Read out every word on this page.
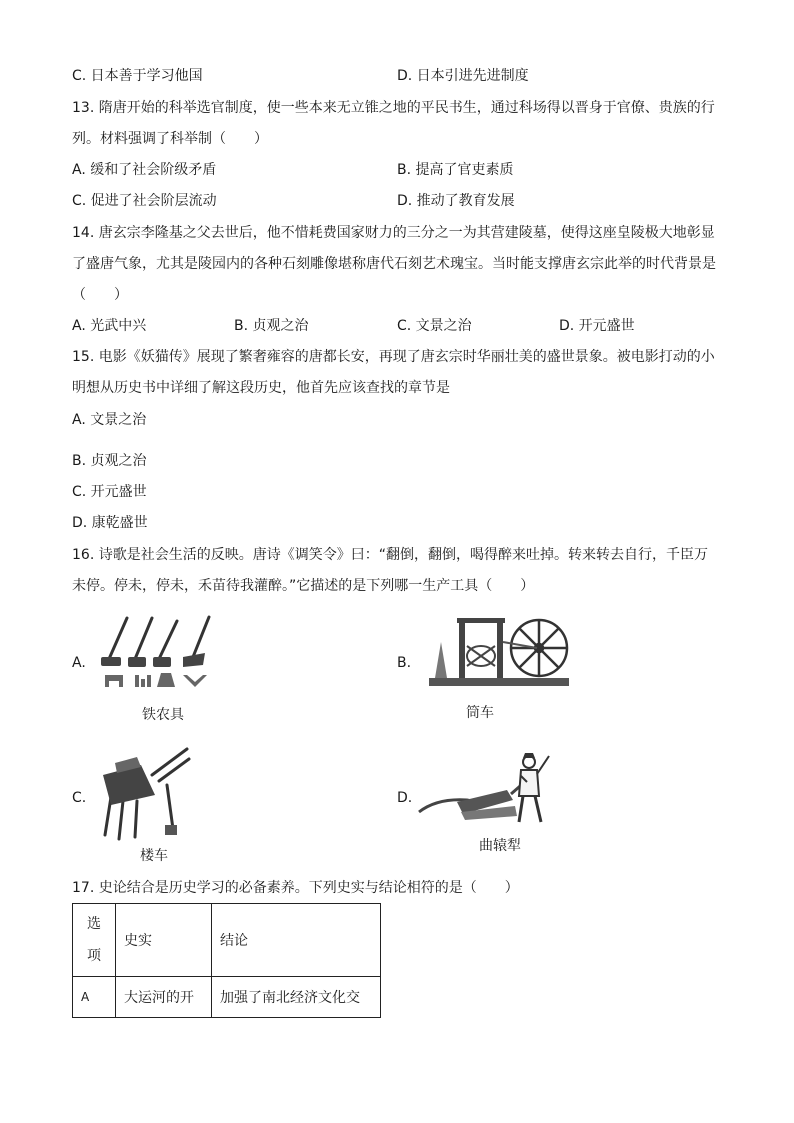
C. 日本善于学习他国	D. 日本引进先进制度
13. 隋唐开始的科举选官制度，使一些本来无立锥之地的平民书生，通过科场得以晋身于官僚、贵族的行
列。材料强调了科举制（　　）
A. 缓和了社会阶级矛盾	B. 提高了官吏素质
C. 促进了社会阶层流动	D. 推动了教育发展
14. 唐玄宗李隆基之父去世后，他不惜耗费国家财力的三分之一为其营建陵墓，使得这座皇陵极大地彰显
了盛唐气象，尤其是陵园内的各种石刻雕像堪称唐代石刻艺术瑰宝。当时能支撑唐玄宗此举的时代背景是
（　　）
A. 光武中兴	B. 贞观之治	C. 文景之治	D. 开元盛世
15. 电影《妖猫传》展现了繁奢雍容的唐都长安，再现了唐玄宗时华丽壮美的盛世景象。被电影打动的小
明想从历史书中详细了解这段历史，他首先应该查找的章节是
A. 文景之治
B. 贞观之治
C. 开元盛世
D. 康乾盛世
16. 诗歌是社会生活的反映。唐诗《调笑令》曰：“翻倒，翻倒，喝得醉来吐掉。转来转去自行，千臣万
未停。停未，停未，禾苗待我灌醉。”它描述的是下列哪一生产工具（　　）
A.
铁农具
B.
筒车
C.
楼车
D.
曲辕犁
17. 史论结合是历史学习的必备素养。下列史实与结论相符的是（　　）
选
项	史实	结论
A	大运河的开	加强了南北经济文化交
